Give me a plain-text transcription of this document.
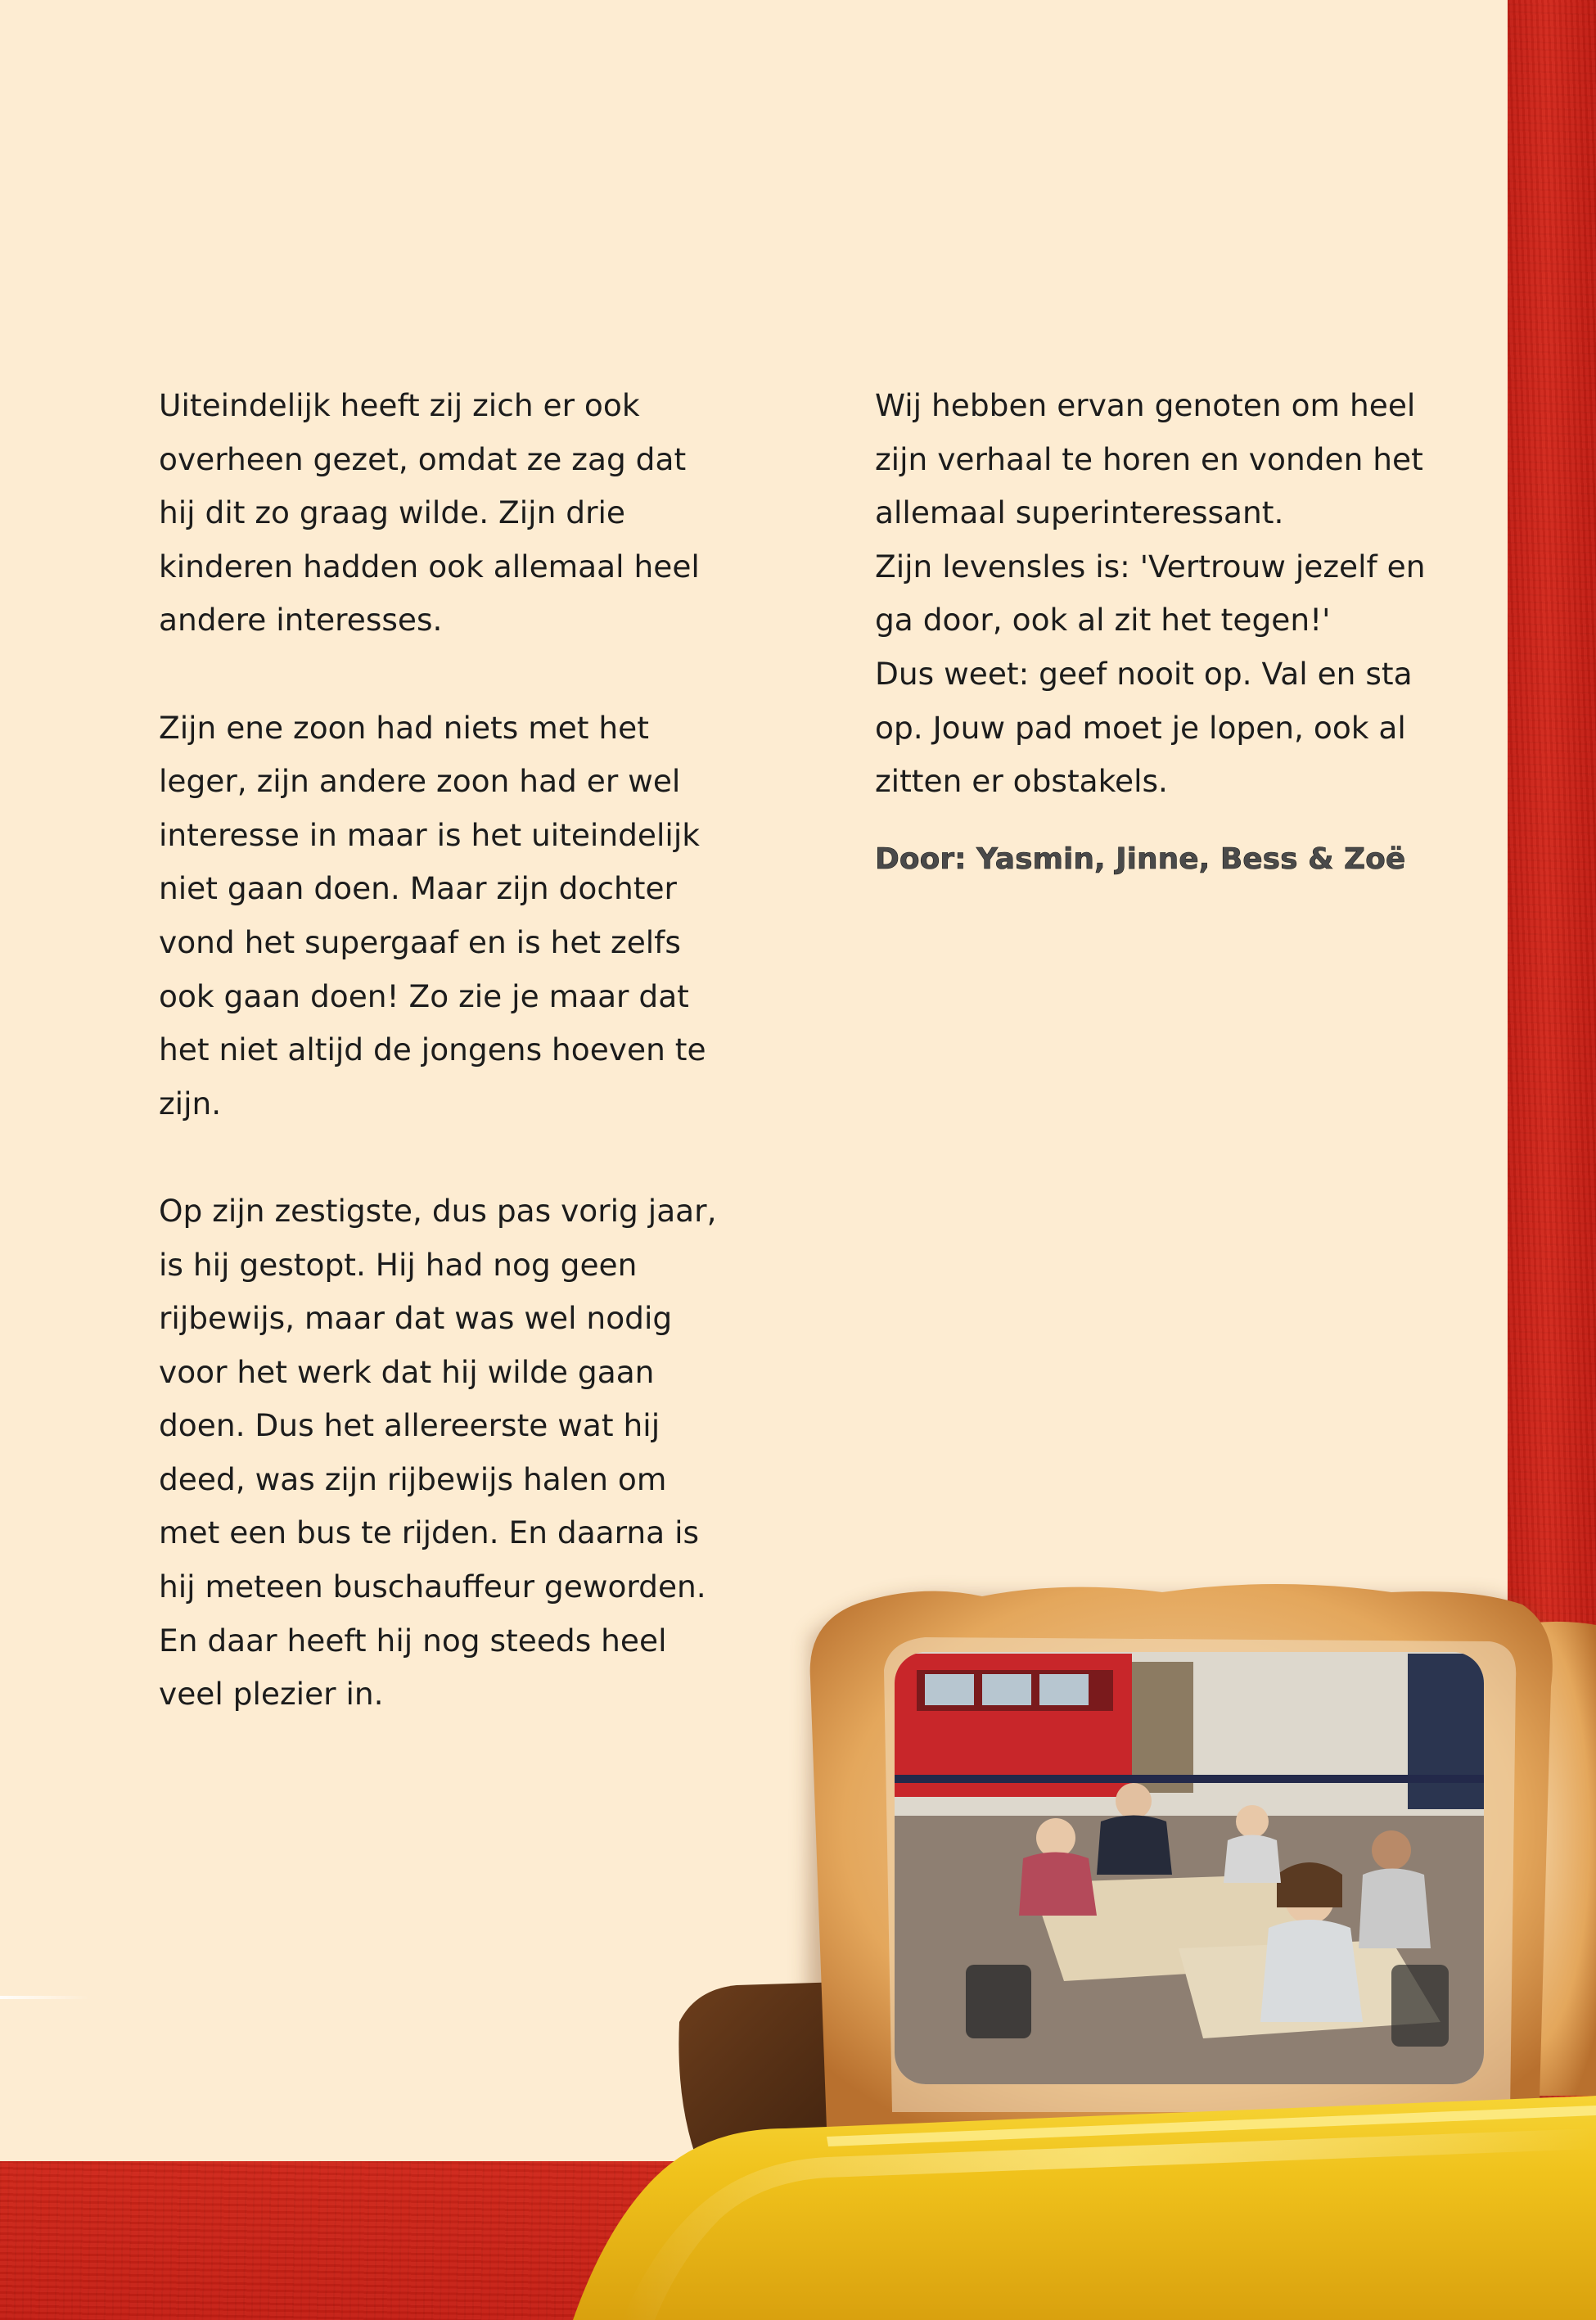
Uiteindelijk heeft zij zich er ook
overheen gezet, omdat ze zag dat
hij dit zo graag wilde. Zijn drie
kinderen hadden ook allemaal heel
andere interesses.

Zijn ene zoon had niets met het
leger, zijn andere zoon had er wel
interesse in maar is het uiteindelijk
niet gaan doen. Maar zijn dochter
vond het supergaaf en is het zelfs
ook gaan doen! Zo zie je maar dat
het niet altijd de jongens hoeven te
zijn.

Op zijn zestigste, dus pas vorig jaar,
is hij gestopt. Hij had nog geen
rijbewijs, maar dat was wel nodig
voor het werk dat hij wilde gaan
doen. Dus het allereerste wat hij
deed, was zijn rijbewijs halen om
met een bus te rijden. En daarna is
hij meteen buschauffeur geworden.
En daar heeft hij nog steeds heel
veel plezier in.

Wij hebben ervan genoten om heel
zijn verhaal te horen en vonden het
allemaal superinteressant.
Zijn levensles is: 'Vertrouw jezelf en
ga door, ook al zit het tegen!'
Dus weet: geef nooit op. Val en sta
op. Jouw pad moet je lopen, ook al
zitten er obstakels.

Door: Yasmin, Jinne, Bess & Zoë
